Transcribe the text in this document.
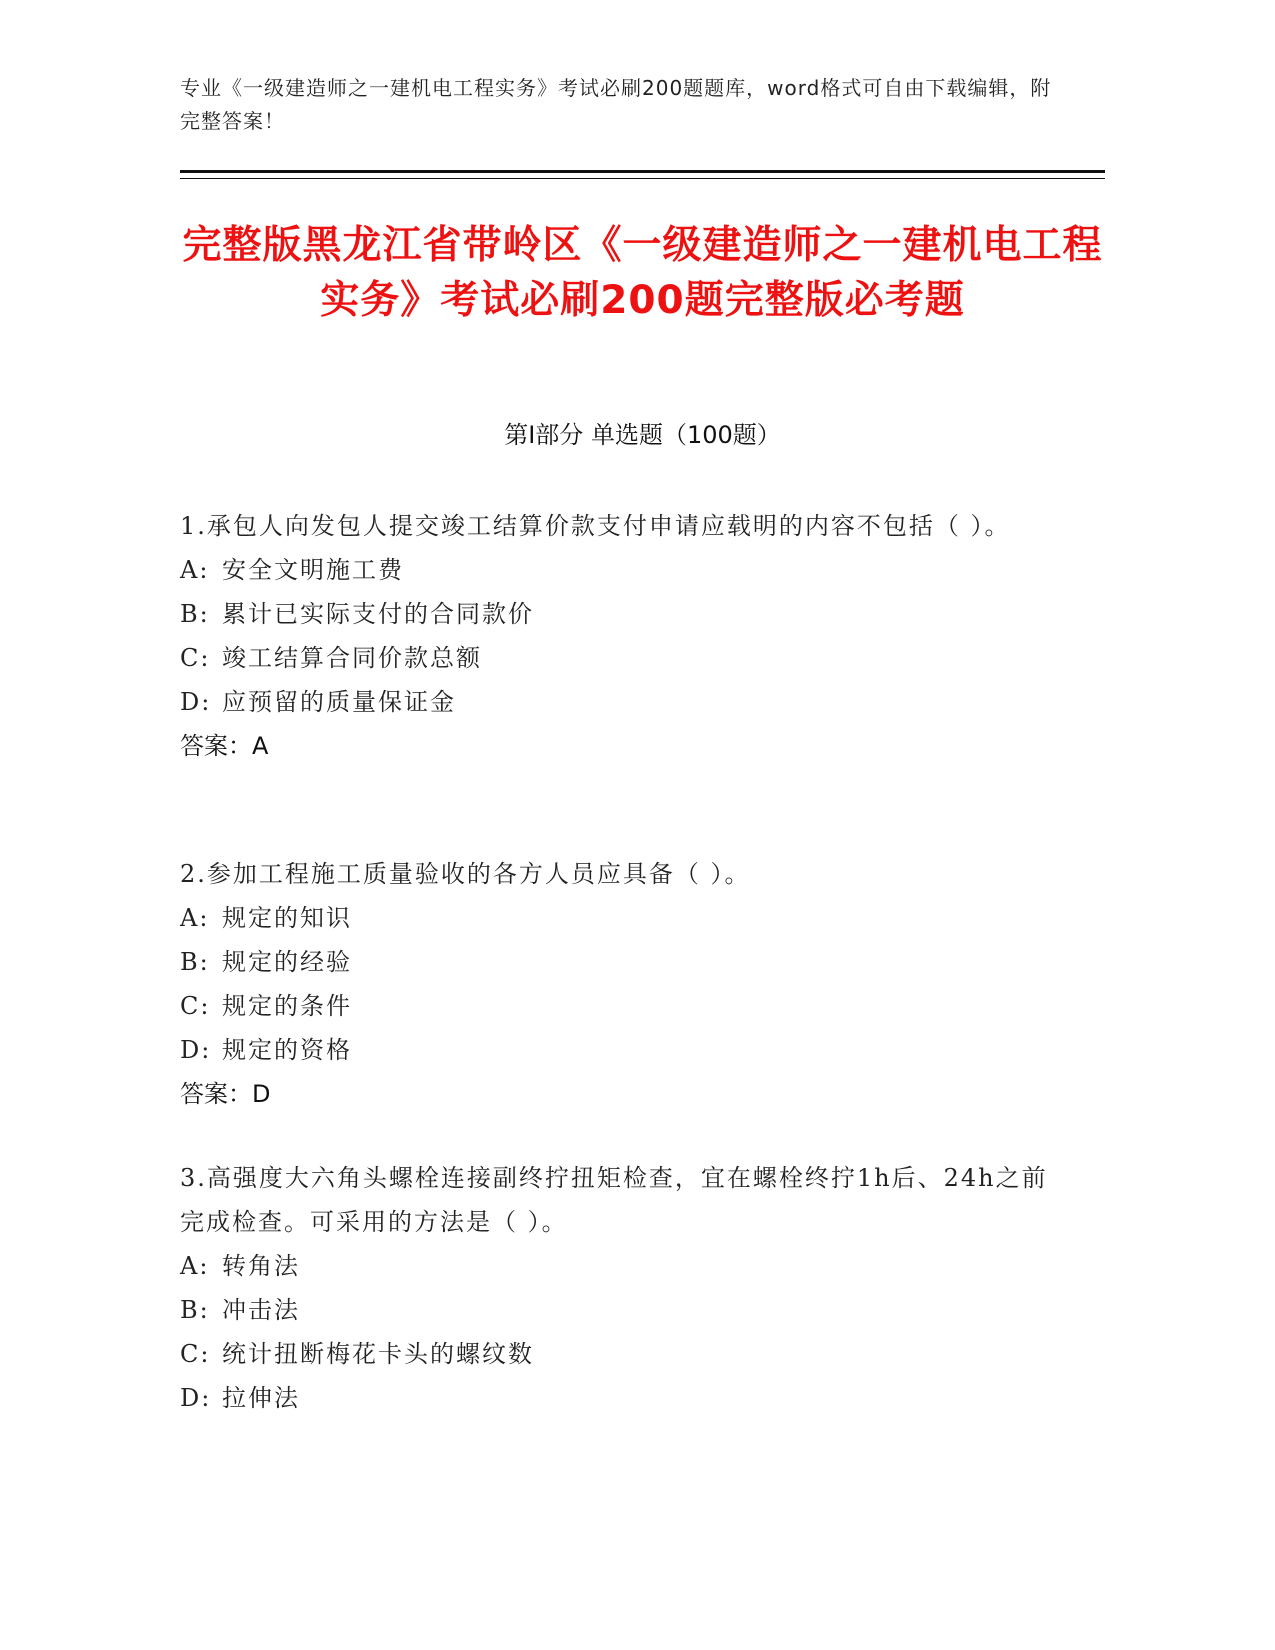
专业《一级建造师之一建机电工程实务》考试必刷200题题库，word格式可自由下载编辑，附完整答案！
完整版黑龙江省带岭区《一级建造师之一建机电工程实务》考试必刷200题完整版必考题
第Ⅰ部分 单选题（100题）
1.承包人向发包人提交竣工结算价款支付申请应载明的内容不包括（ ）。
A: 安全文明施工费
B: 累计已实际支付的合同款价
C: 竣工结算合同价款总额
D: 应预留的质量保证金
答案：A
2.参加工程施工质量验收的各方人员应具备（ ）。
A: 规定的知识
B: 规定的经验
C: 规定的条件
D: 规定的资格
答案：D
3.高强度大六角头螺栓连接副终拧扭矩检查，宜在螺栓终拧1h后、24h之前完成检查。可采用的方法是（ ）。
A: 转角法
B: 冲击法
C: 统计扭断梅花卡头的螺纹数
D: 拉伸法
